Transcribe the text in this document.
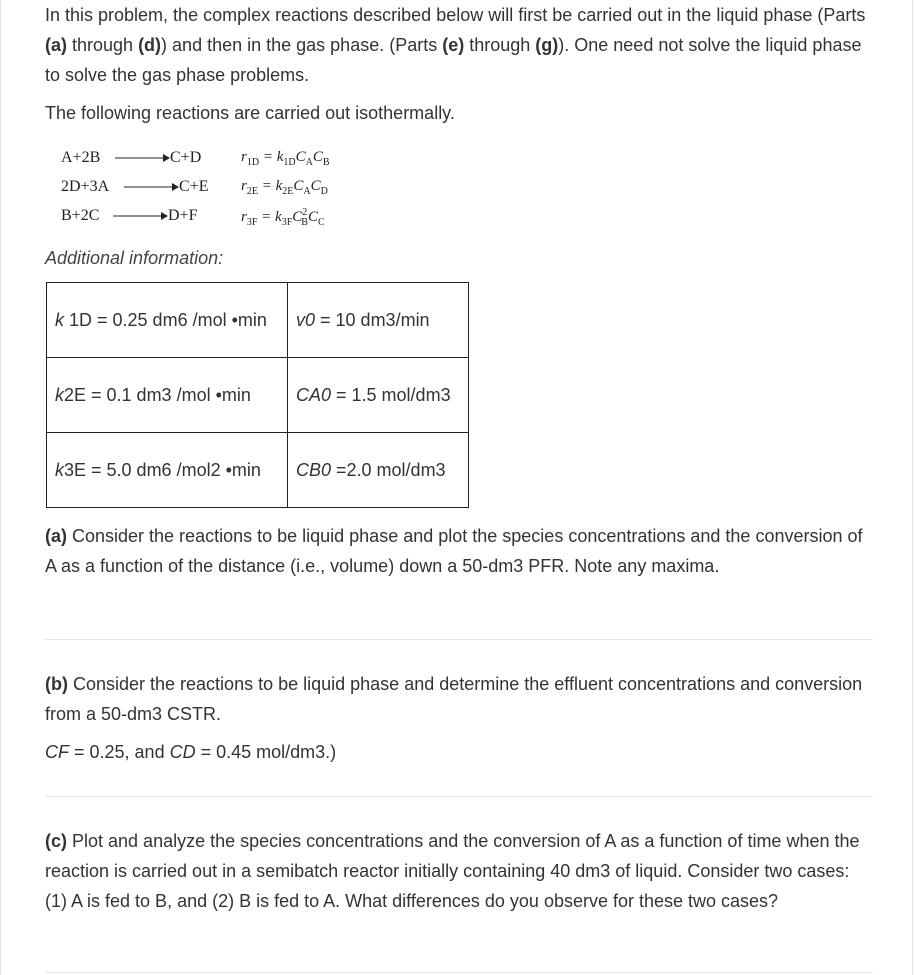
In this problem, the complex reactions described below will first be carried out in the liquid phase (Parts (a) through (d)) and then in the gas phase. (Parts (e) through (g)). One need not solve the liquid phase to solve the gas phase problems.

The following reactions are carried out isothermally.

A+2B	C+D	$r_{1D} = k_{1D}C_AC_B$
2D+3A	C+E $r_{2E} = k_{2E}C_AC_D$
B+2C	D+F	$r_{3F} = k_{3F}C^2_BC_C$

Additional information:

k 1D = 0.25 dm6 /mol •min	v0 = 10 dm3/min
k2E = 0.1 dm3 /mol •min	CA0 = 1.5 mol/dm3
k3E = 5.0 dm6 /mol2 •min	CB0 =2.0 mol/dm3

(a) Consider the reactions to be liquid phase and plot the species concentrations and the conversion of A as a function of the distance (i.e., volume) down a 50-dm3 PFR. Note any maxima.

(b) Consider the reactions to be liquid phase and determine the effluent concentrations and conversion from a 50-dm3 CSTR.

CF = 0.25, and CD = 0.45 mol/dm3.)

(c) Plot and analyze the species concentrations and the conversion of A as a function of time when the reaction is carried out in a semibatch reactor initially containing 40 dm3 of liquid. Consider two cases: (1) A is fed to B, and (2) B is fed to A. What differences do you observe for these two cases?
